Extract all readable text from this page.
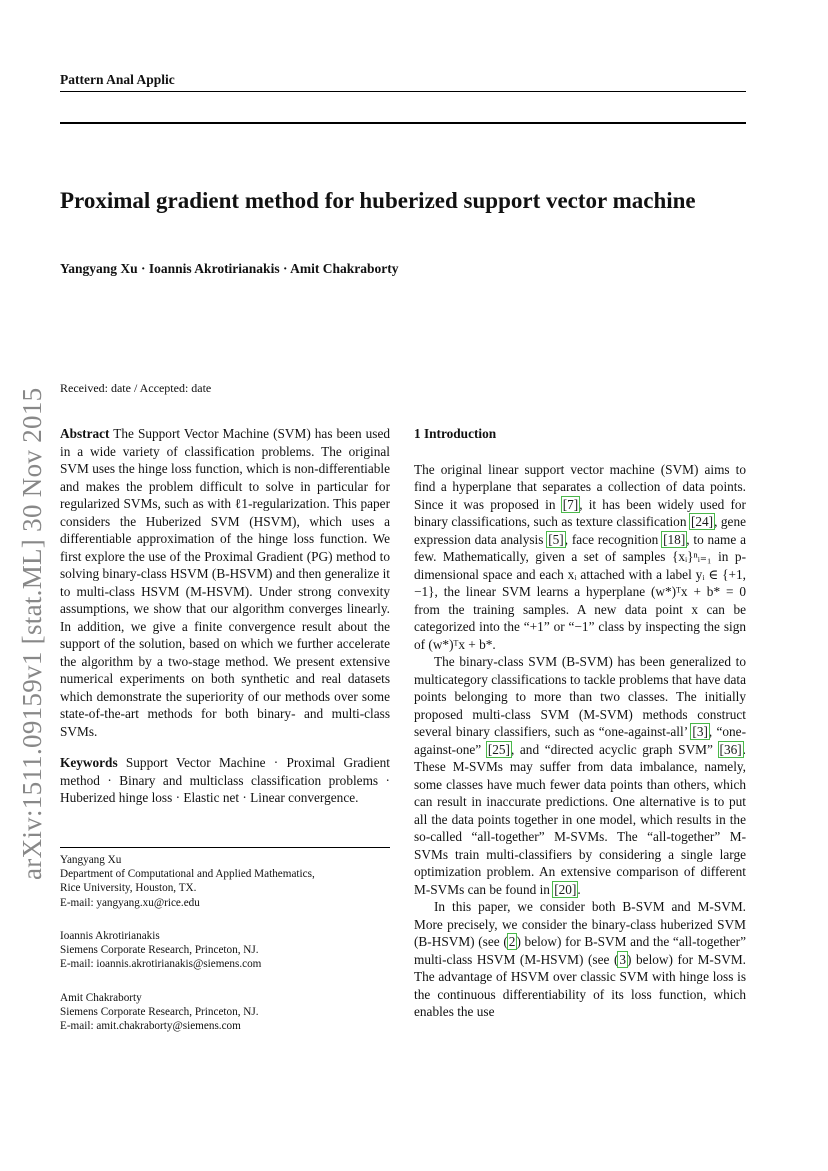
Pattern Anal Applic
Proximal gradient method for huberized support vector machine
Yangyang Xu · Ioannis Akrotirianakis · Amit Chakraborty
arXiv:1511.09159v1 [stat.ML] 30 Nov 2015 Received: date / Accepted: date

Abstract The Support Vector Machine (SVM) has been used in a wide variety of classification problems. The original SVM uses the hinge loss function, which is non-differentiable and makes the problem difficult to solve in particular for regularized SVMs, such as with ℓ1-regularization. This paper considers the Huberized SVM (HSVM), which uses a differentiable approximation of the hinge loss function. We first explore the use of the Proximal Gradient (PG) method to solving binary-class HSVM (B-HSVM) and then generalize it to multi-class HSVM (M-HSVM). Under strong convexity assumptions, we show that our algorithm converges linearly. In addition, we give a finite convergence result about the support of the solution, based on which we further accelerate the algorithm by a two-stage method. We present extensive numerical experiments on both synthetic and real datasets which demonstrate the superiority of our methods over some state-of-the-art methods for both binary- and multi-class SVMs.

Keywords Support Vector Machine · Proximal Gradient method · Binary and multiclass classification problems · Huberized hinge loss · Elastic net · Linear convergence.

Yangyang Xu
Department of Computational and Applied Mathematics,
Rice University, Houston, TX.
E-mail: yangyang.xu@rice.edu
Ioannis Akrotirianakis
Siemens Corporate Research, Princeton, NJ.
E-mail: ioannis.akrotirianakis@siemens.com
Amit Chakraborty
Siemens Corporate Research, Princeton, NJ.
E-mail: amit.chakraborty@siemens.com

1 Introduction

The original linear support vector machine (SVM) aims to find a hyperplane that separates a collection of data points. Since it was proposed in [7], it has been widely used for binary classifications, such as texture classification [24], gene expression data analysis [5], face recognition [18], to name a few. Mathematically, given a set of samples {xᵢ}ⁿᵢ₌₁ in p-dimensional space and each xᵢ attached with a label yᵢ ∈ {+1, −1}, the linear SVM learns a hyperplane (w*)ᵀx + b* = 0 from the training samples. A new data point x can be categorized into the “+1” or “−1” class by inspecting the sign of (w*)ᵀx + b*.

The binary-class SVM (B-SVM) has been generalized to multicategory classifications to tackle problems that have data points belonging to more than two classes. The initially proposed multi-class SVM (M-SVM) methods construct several binary classifiers, such as “one-against-all’ [3], “one-against-one” [25], and “directed acyclic graph SVM” [36]. These M-SVMs may suffer from data imbalance, namely, some classes have much fewer data points than others, which can result in inaccurate predictions. One alternative is to put all the data points together in one model, which results in the so-called “all-together” M-SVMs. The “all-together” M-SVMs train multi-classifiers by considering a single large optimization problem. An extensive comparison of different M-SVMs can be found in [20].

In this paper, we consider both B-SVM and M-SVM. More precisely, we consider the binary-class huberized SVM (B-HSVM) (see (2) below) for B-SVM and the “all-together” multi-class HSVM (M-HSVM) (see (3) below) for M-SVM. The advantage of HSVM over classic SVM with hinge loss is the continuous differentiability of its loss function, which enables the use
